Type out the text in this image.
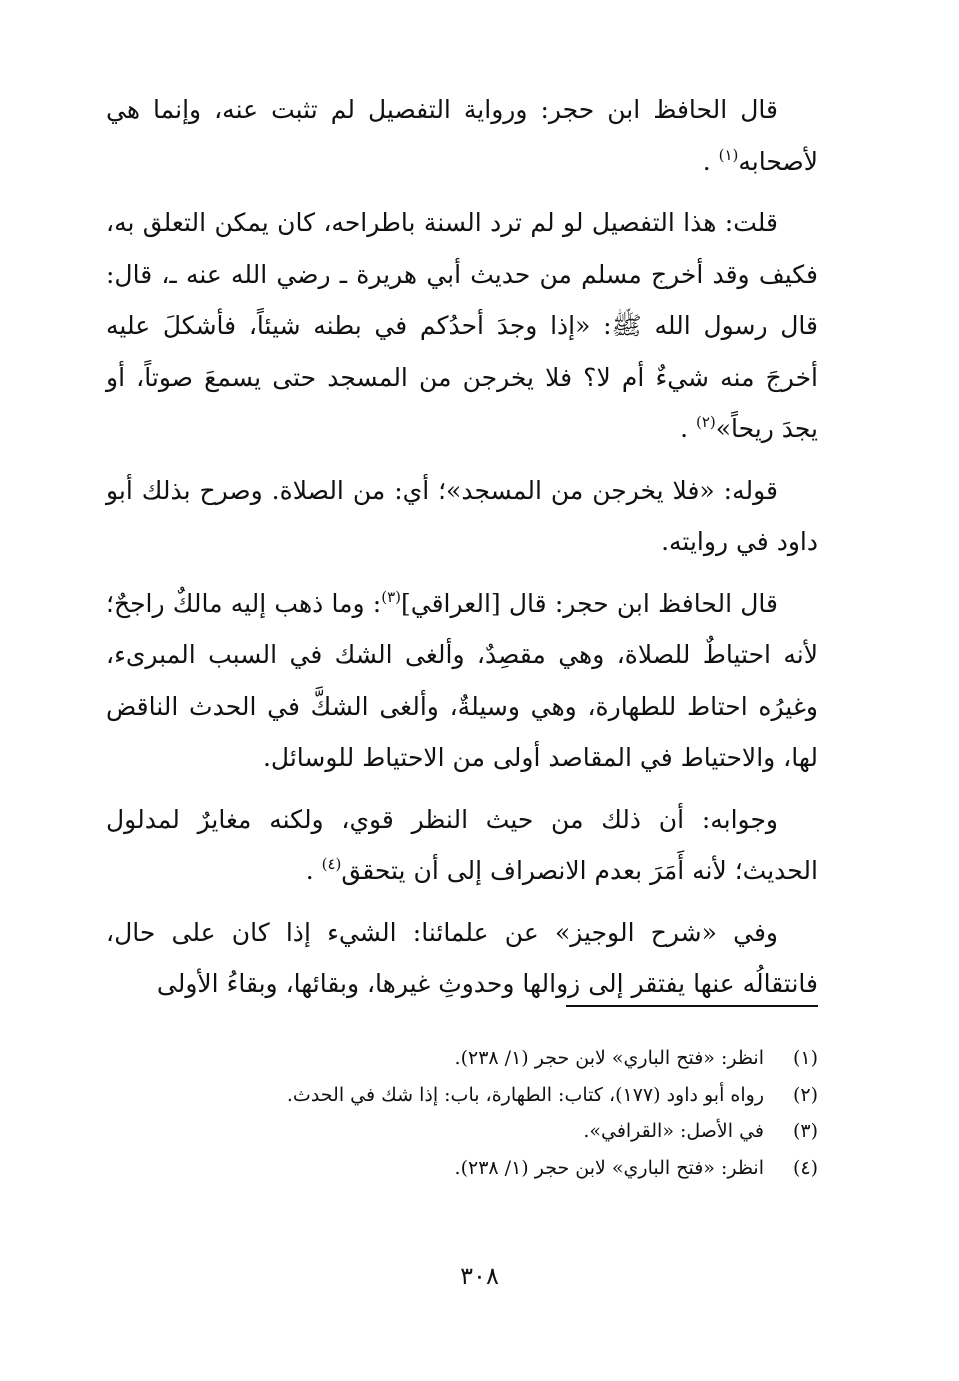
قال الحافظ ابن حجر: ورواية التفصيل لم تثبت عنه، وإنما هي لأصحابه$^{(١)}$ .

قلت: هذا التفصيل لو لم ترد السنة باطراحه، كان يمكن التعلق به، فكيف وقد أخرج مسلم من حديث أبي هريرة ـ رضي الله عنه ـ، قال: قال رسول الله ﷺ: «إذا وجدَ أحدُكم في بطنه شيئاً، فأشكلَ عليه أخرجَ منه شيءٌ أم لا؟ فلا يخرجن من المسجد حتى يسمعَ صوتاً، أو يجدَ ريحاً»$^{(٢)}$ .

قوله: «فلا يخرجن من المسجد»؛ أي: من الصلاة. وصرح بذلك أبو داود في روايته.

قال الحافظ ابن حجر: قال [العراقي]$^{(٣)}$: وما ذهب إليه مالكٌ راجحٌ؛ لأنه احتياطٌ للصلاة، وهي مقصِدٌ، وألغى الشك في السبب المبرىء، وغيرُه احتاط للطهارة، وهي وسيلةٌ، وألغى الشكَّ في الحدث الناقض لها، والاحتياط في المقاصد أولى من الاحتياط للوسائل.

وجوابه: أن ذلك من حيث النظر قوي، ولكنه مغايرٌ لمدلول الحديث؛ لأنه أَمَرَ بعدم الانصراف إلى أن يتحقق$^{(٤)}$ .

وفي «شرح الوجيز» عن علمائنا: الشيء إذا كان على حال، فانتقالُه عنها يفتقر إلى زوالها وحدوثِ غيرها، وبقائها، وبقاءُ الأولى

(١)انظر: «فتح الباري» لابن حجر (١/ ٢٣٨).
(٢)رواه أبو داود (١٧٧)، كتاب: الطهارة، باب: إذا شك في الحدث.
(٣)في الأصل: «القرافي».
(٤)انظر: «فتح الباري» لابن حجر (١/ ٢٣٨).
٣٠٨
